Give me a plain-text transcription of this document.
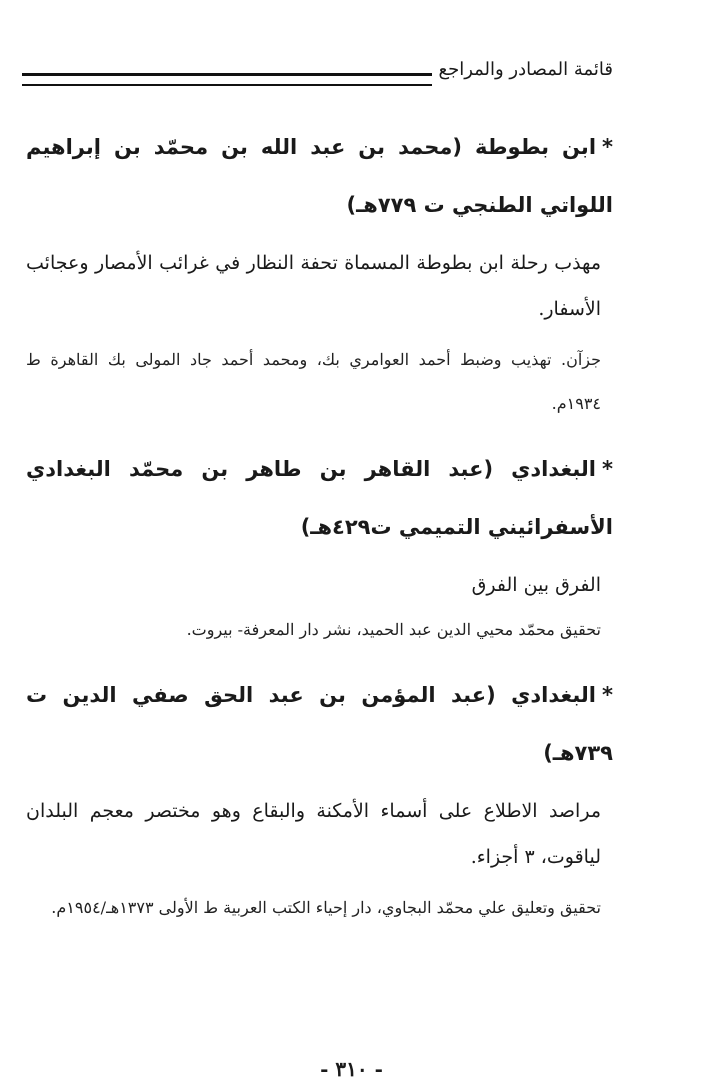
قائمة المصادر والمراجع

*ابن بطوطة (محمد بن عبد الله بن محمّد بن إبراهيم اللواتي الطنجي ت ٧٧٩هـ)

مهذب رحلة ابن بطوطة المسماة تحفة النظار في غرائب الأمصار وعجائب الأسفار.

جزآن. تهذيب وضبط أحمد العوامري بك، ومحمد أحمد جاد المولى بك القاهرة ط ١٩٣٤م.

*البغدادي (عبد القاهر بن طاهر بن محمّد البغدادي الأسفرائيني التميمي ت٤٢٩هـ)

الفرق بين الفرق

تحقيق محمّد محيي الدين عبد الحميد، نشر دار المعرفة- بيروت.

*البغدادي (عبد المؤمن بن عبد الحق صفي الدين ت ٧٣٩هـ)

مراصد الاطلاع على أسماء الأمكنة والبقاع وهو مختصر معجم البلدان لياقوت، ٣ أجزاء.

تحقيق وتعليق علي محمّد البجاوي، دار إحياء الكتب العربية ط الأولى ١٣٧٣هـ/١٩٥٤م.

- ٣١٠ -
